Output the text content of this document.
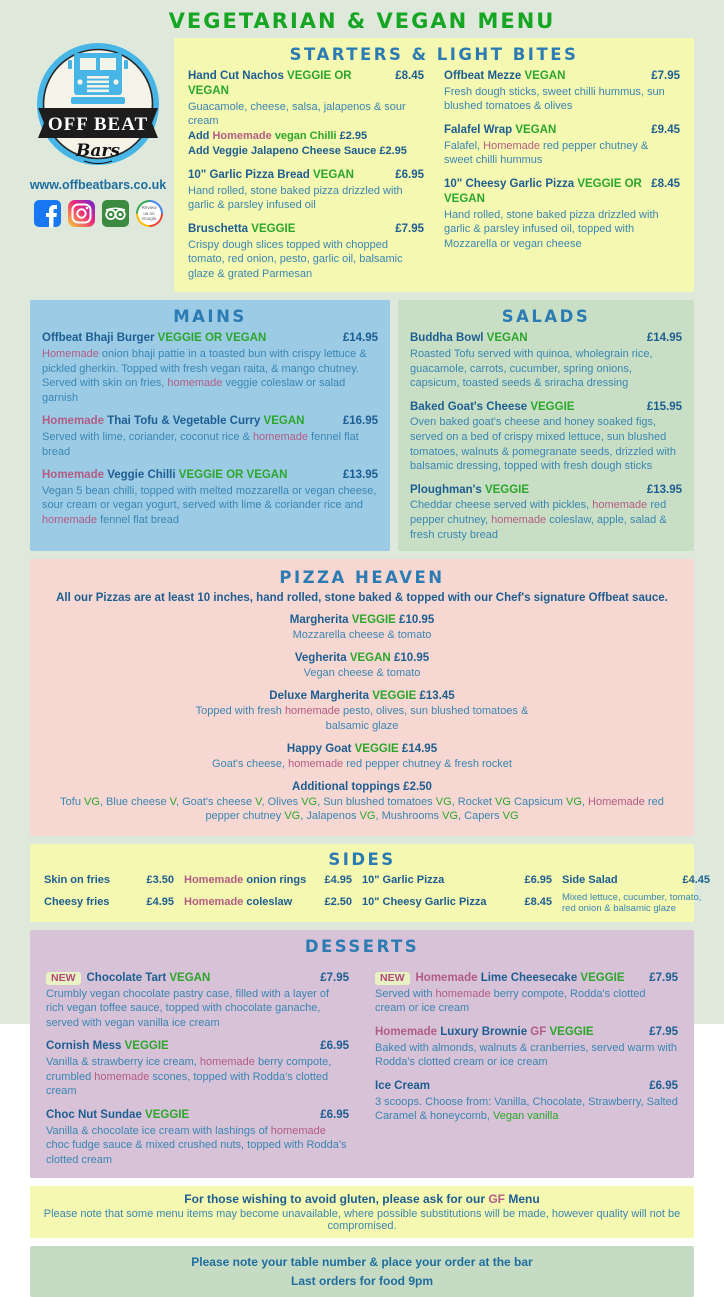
VEGETARIAN & VEGAN MENU
OFF BEAT
Bars
www.offbeatbars.co.uk
Review us on Google
STARTERS & LIGHT BITES
Hand Cut Nachos VEGGIE OR VEGAN
£8.45
Guacamole, cheese, salsa, jalapenos & sour cream
Add Homemade vegan Chilli £2.95
Add Veggie Jalapeno Cheese Sauce £2.95
10" Garlic Pizza Bread VEGAN	£6.95
Hand rolled, stone baked pizza drizzled with garlic & parsley infused oil
Bruschetta VEGGIE	£7.95
Crispy dough slices topped with chopped tomato, red onion, pesto, garlic oil, balsamic glaze & grated Parmesan
Offbeat Mezze VEGAN	£7.95
Fresh dough sticks, sweet chilli hummus, sun blushed tomatoes & olives
Falafel Wrap VEGAN	£9.45
Falafel, Homemade red pepper chutney & sweet chilli hummus
10" Cheesy Garlic Pizza VEGGIE OR VEGAN
£8.45
Hand rolled, stone baked pizza drizzled with garlic & parsley infused oil, topped with Mozzarella or vegan cheese
MAINS
Offbeat Bhaji Burger VEGGIE OR VEGAN	£14.95
Homemade onion bhaji pattie in a toasted bun with crispy lettuce & pickled gherkin. Topped with fresh vegan raita, & mango chutney. Served with skin on fries, homemade veggie coleslaw or salad garnish
Homemade Thai Tofu & Vegetable Curry VEGAN	£16.95
Served with lime, coriander, coconut rice & homemade fennel flat bread
Homemade Veggie Chilli VEGGIE OR VEGAN	£13.95
Vegan 5 bean chilli, topped with melted mozzarella or vegan cheese, sour cream or vegan yogurt, served with lime & coriander rice and homemade fennel flat bread
SALADS
Buddha Bowl VEGAN	£14.95
Roasted Tofu served with quinoa, wholegrain rice, guacamole, carrots, cucumber, spring onions, capsicum, toasted seeds & sriracha dressing
Baked Goat's Cheese VEGGIE	£15.95
Oven baked goat's cheese and honey soaked figs, served on a bed of crispy mixed lettuce, sun blushed tomatoes, walnuts & pomegranate seeds, drizzled with balsamic dressing, topped with fresh dough sticks
Ploughman's VEGGIE	£13.95
Cheddar cheese served with pickles, homemade red pepper chutney, homemade coleslaw, apple, salad & fresh crusty bread
PIZZA HEAVEN
All our Pizzas are at least 10 inches, hand rolled, stone baked & topped with our Chef's signature Offbeat sauce.
Margherita VEGGIE £10.95
Mozzarella cheese & tomato
Vegherita VEGAN £10.95
Vegan cheese & tomato
Deluxe Margherita VEGGIE £13.45
Topped with fresh homemade pesto, olives, sun blushed tomatoes & balsamic glaze
Happy Goat VEGGIE £14.95
Goat's cheese, homemade red pepper chutney & fresh rocket
Additional toppings £2.50
Tofu VG, Blue cheese V, Goat's cheese V, Olives VG, Sun blushed tomatoes VG, Rocket VG Capsicum VG, Homemade red pepper chutney VG, Jalapenos VG, Mushrooms VG, Capers VG
SIDES
Skin on fries	£3.50
Cheesy fries	£4.95
Homemade onion rings £4.95
Homemade coleslaw	£2.50
10" Garlic Pizza	£6.95
10" Cheesy Garlic Pizza	£8.45
Side Salad	£4.45
Mixed lettuce, cucumber, tomato, red onion & balsamic glaze
DESSERTS
NEW Chocolate Tart VEGAN	£7.95
Crumbly vegan chocolate pastry case, filled with a layer of rich vegan toffee sauce, topped with chocolate ganache, served with vegan vanilla ice cream
Cornish Mess VEGGIE	£6.95
Vanilla & strawberry ice cream, homemade berry compote, crumbled homemade scones, topped with Rodda's clotted cream
Choc Nut Sundae VEGGIE	£6.95
Vanilla & chocolate ice cream with lashings of homemade choc fudge sauce & mixed crushed nuts, topped with Rodda's clotted cream
NEW Homemade Lime Cheesecake VEGGIE £7.95
Served with homemade berry compote, Rodda's clotted cream or ice cream
Homemade Luxury Brownie GF VEGGIE	£7.95
Baked with almonds, walnuts & cranberries, served warm with Rodda's clotted cream or ice cream
Ice Cream	£6.95
3 scoops. Choose from: Vanilla, Chocolate, Strawberry, Salted Caramel & honeycomb, Vegan vanilla
For those wishing to avoid gluten, please ask for our GF Menu
Please note that some menu items may become unavailable, where possible substitutions will be made, however quality will not be compromised.
Please note your table number & place your order at the bar
Last orders for food 9pm
